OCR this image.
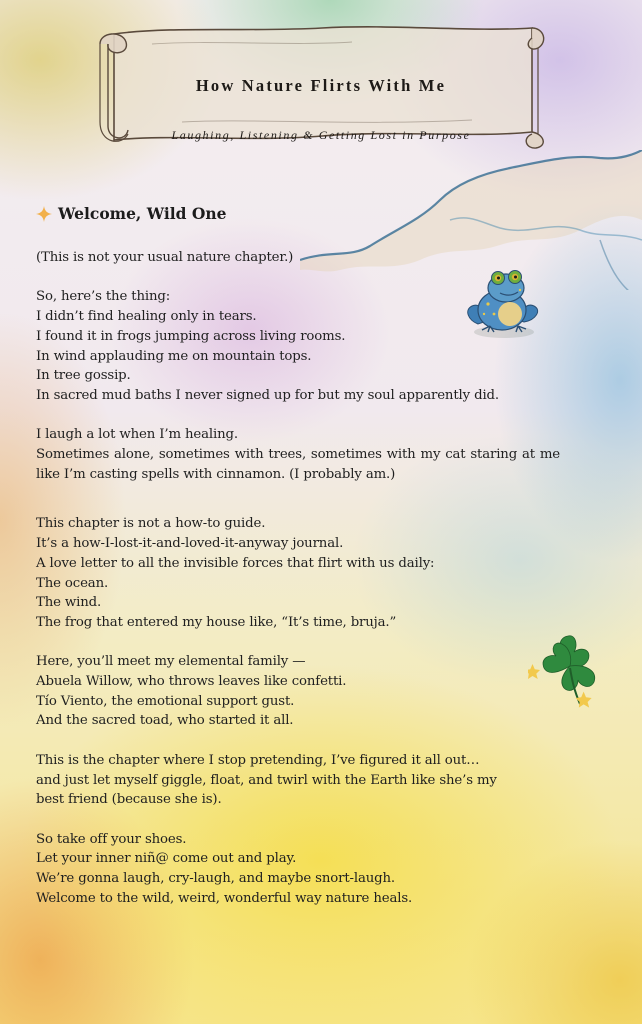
How Nature Flirts With Me
Laughing, Listening & Getting Lost in Purpose
Welcome, Wild One
(This is not your usual nature chapter.)
So, here’s the thing:
I didn’t find healing only in tears.
I found it in frogs jumping across living rooms.
In wind applauding me on mountain tops.
In tree gossip.
In sacred mud baths I never signed up for but my soul apparently did.
I laugh a lot when I’m healing.
Sometimes alone, sometimes with trees, sometimes with my cat staring at me like I’m casting spells with cinnamon. (I probably am.)
This chapter is not a how-to guide.
It’s a how-I-lost-it-and-loved-it-anyway journal.
A love letter to all the invisible forces that flirt with us daily:
The ocean.
The wind.
The frog that entered my house like, “It’s time, bruja.”
Here, you’ll meet my elemental family —
Abuela Willow, who throws leaves like confetti.
Tío Viento, the emotional support gust.
And the sacred toad, who started it all.
This is the chapter where I stop pretending, I’ve figured it all out…
and just let myself giggle, float, and twirl with the Earth like she’s my
best friend (because she is).
So take off your shoes.
Let your inner niñ@ come out and play.
We’re gonna laugh, cry-laugh, and maybe snort-laugh.
Welcome to the wild, weird, wonderful way nature heals.
